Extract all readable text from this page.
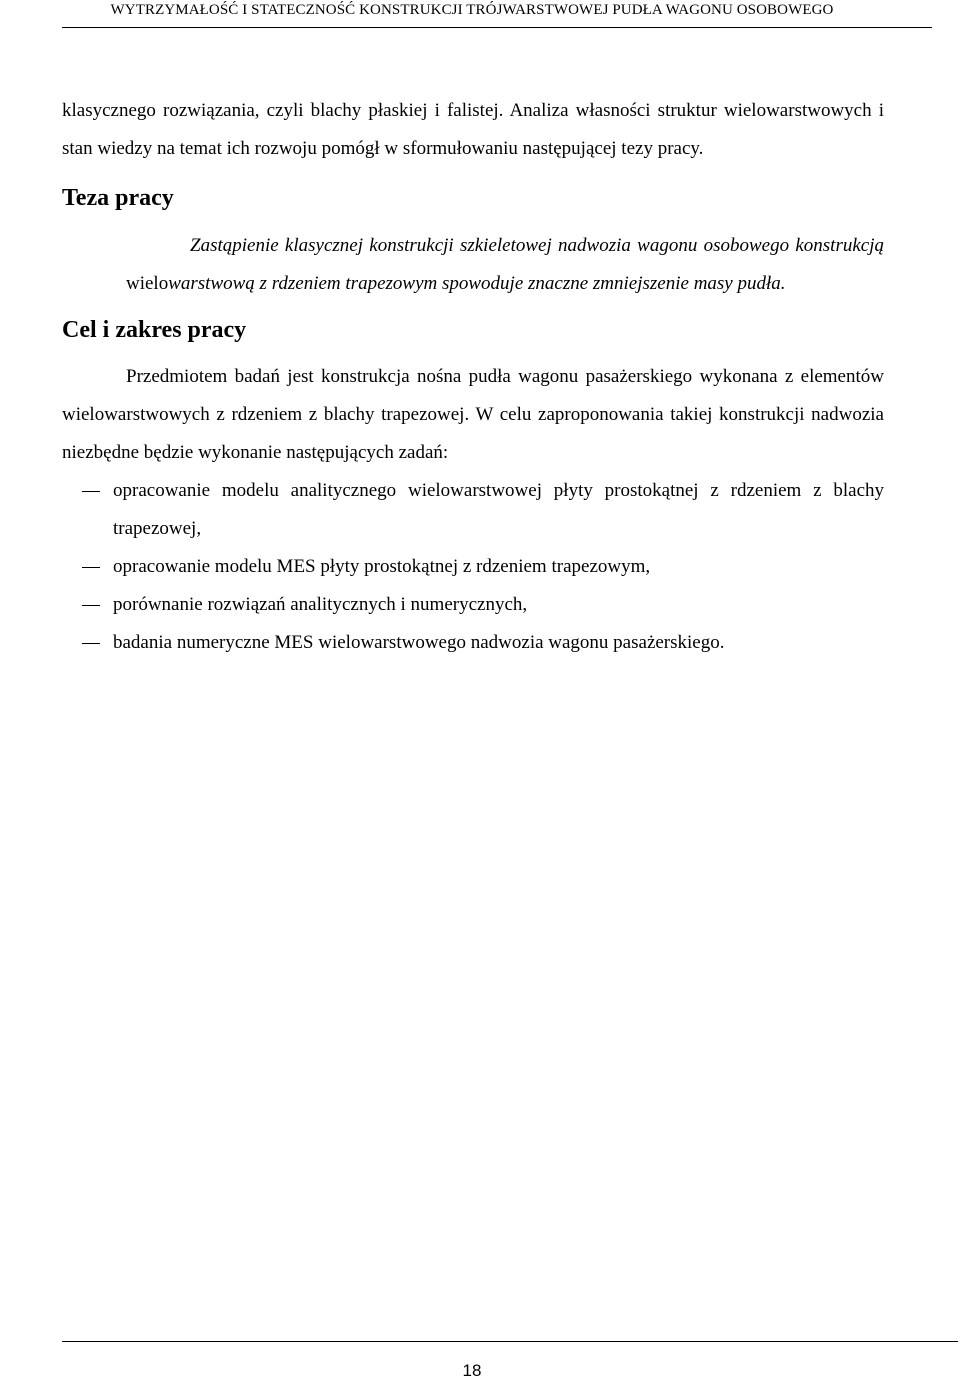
WYTRZYMAŁOŚĆ I STATECZNOŚĆ KONSTRUKCJI TRÓJWARSTWOWEJ PUDŁA WAGONU OSOBOWEGO

klasycznego rozwiązania, czyli blachy płaskiej i falistej. Analiza własności struktur wielowarstwowych i stan wiedzy na temat ich rozwoju pomógł w sformułowaniu następującej tezy pracy.

Teza pracy

Zastąpienie klasycznej konstrukcji szkieletowej nadwozia wagonu osobowego konstrukcją wielowarstwową z rdzeniem trapezowym spowoduje znaczne zmniejszenie masy pudła.

Cel i zakres pracy

Przedmiotem badań jest konstrukcja nośna pudła wagonu pasażerskiego wykonana z elementów wielowarstwowych z rdzeniem z blachy trapezowej. W celu zaproponowania takiej konstrukcji nadwozia niezbędne będzie wykonanie następujących zadań:

opracowanie modelu analitycznego wielowarstwowej płyty prostokątnej z rdzeniem z blachy trapezowej,
opracowanie modelu MES płyty prostokątnej z rdzeniem trapezowym,
porównanie rozwiązań analitycznych i numerycznych,
badania numeryczne MES wielowarstwowego nadwozia wagonu pasażerskiego.
18
